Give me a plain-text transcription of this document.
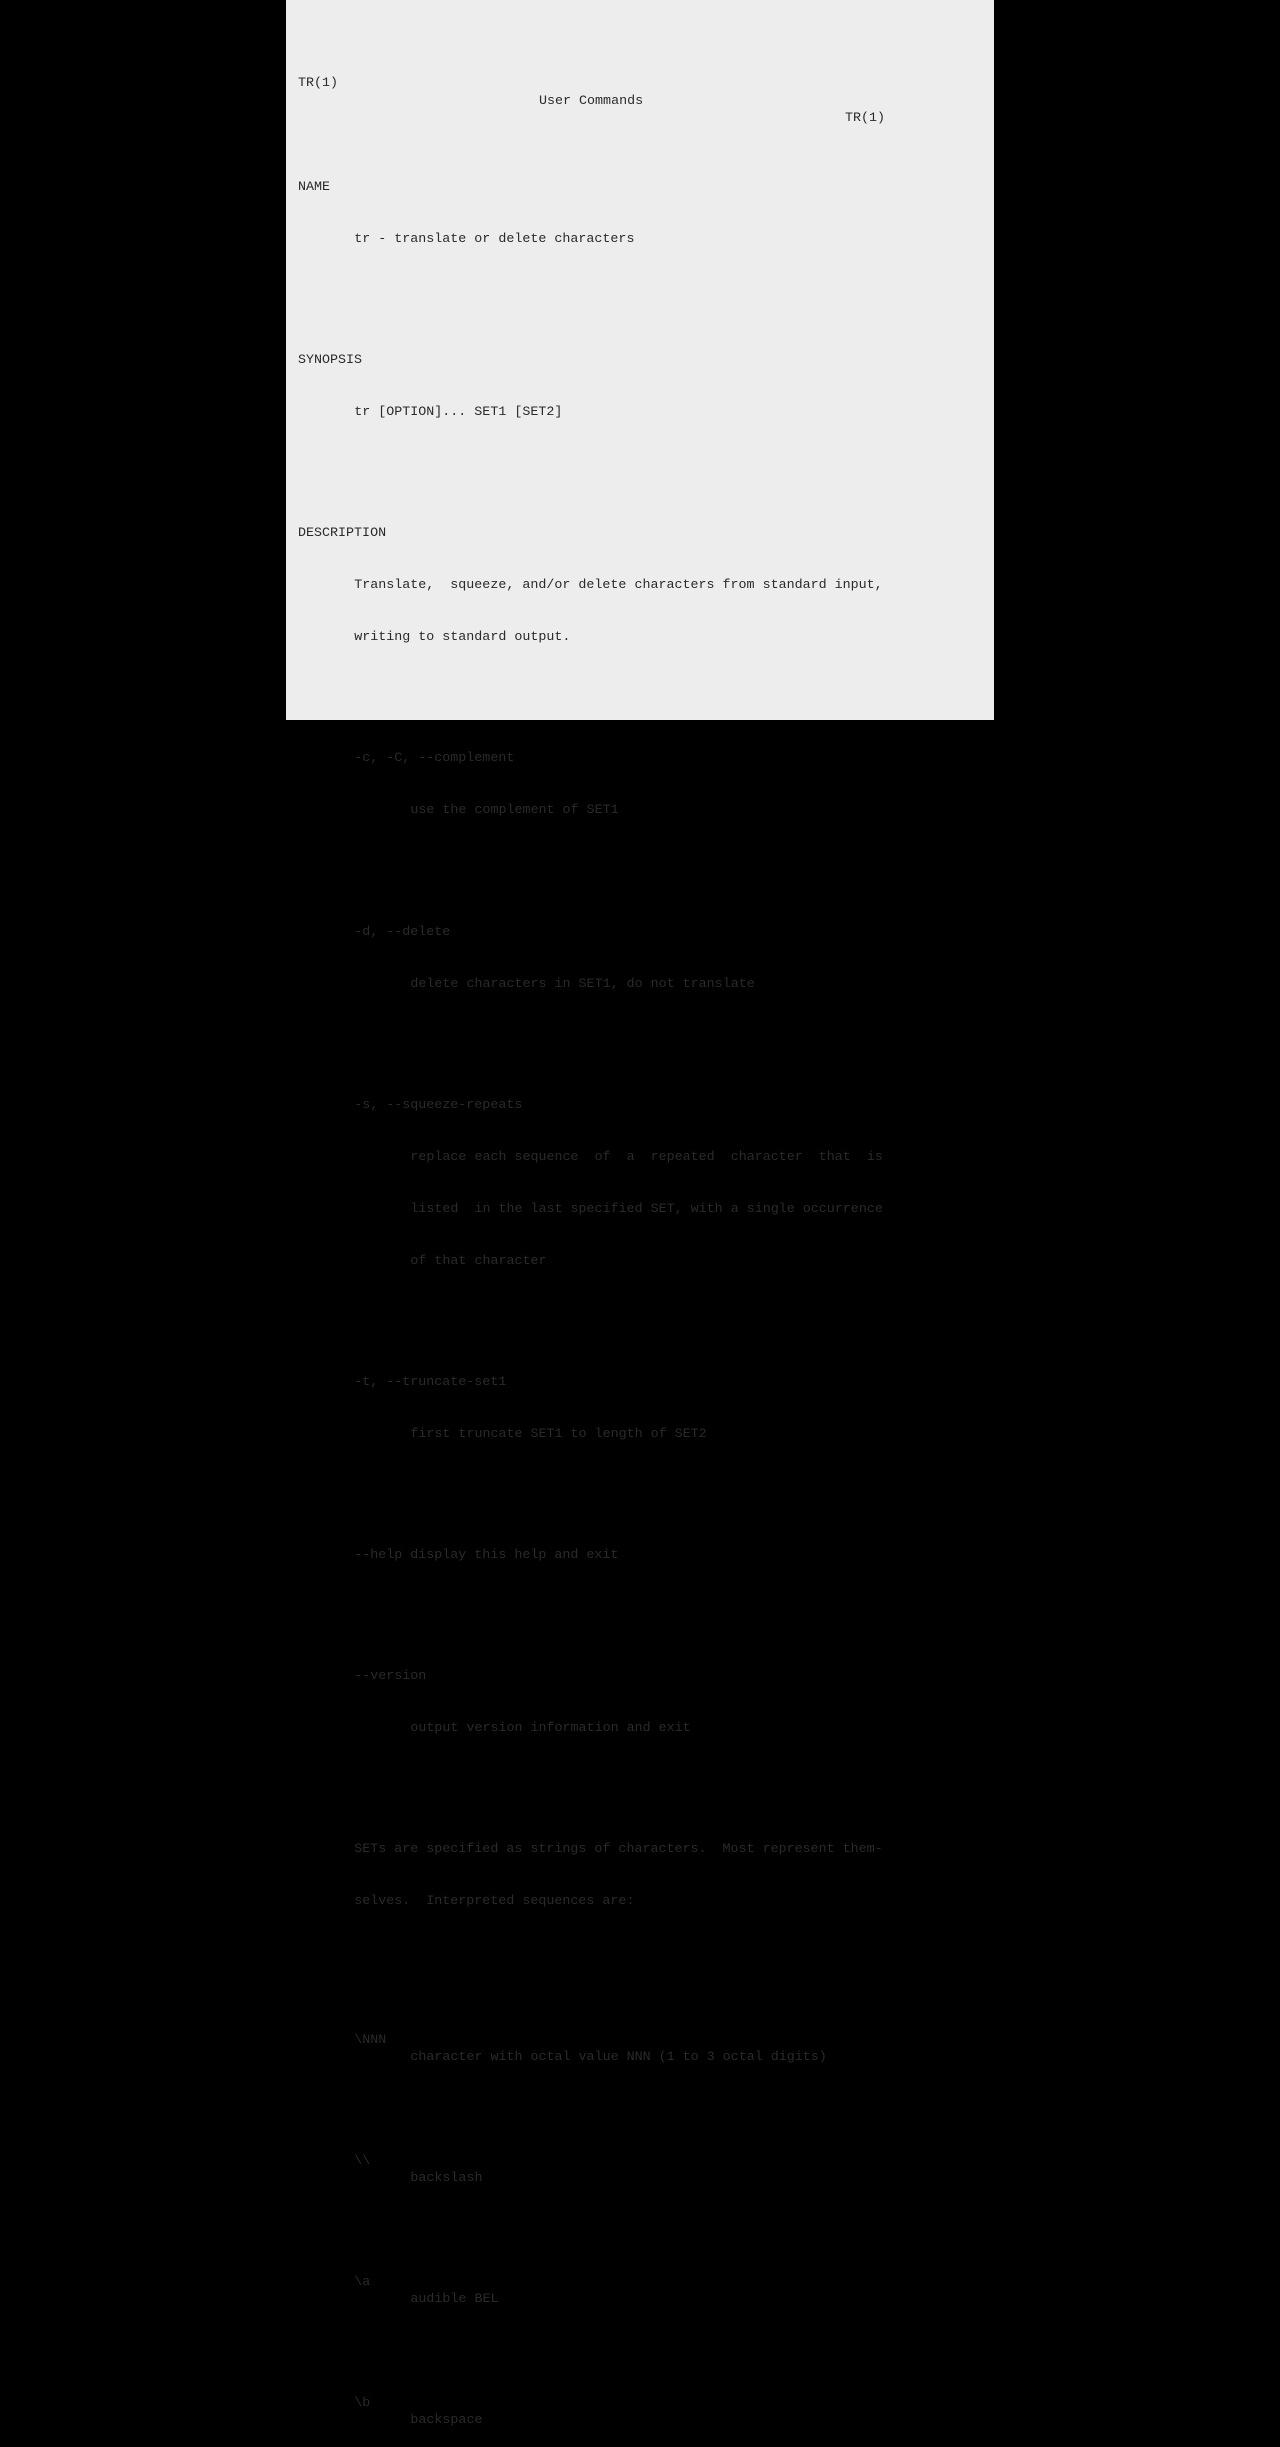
TR(1)

User Commands

TR(1)

NAME

tr - translate or delete characters

SYNOPSIS

tr [OPTION]... SET1 [SET2]

DESCRIPTION

Translate,  squeeze, and/or delete characters from standard input,

writing to standard output.

-c, -C, --complement

use the complement of SET1

-d, --delete

delete characters in SET1, do not translate

-s, --squeeze-repeats

replace each sequence  of  a  repeated  character  that  is

listed  in the last specified SET, with a single occurrence

of that character

-t, --truncate-set1

first truncate SET1 to length of SET2

--help display this help and exit

--version

output version information and exit

SETs are specified as strings of characters.  Most represent them-

selves.  Interpreted sequences are:

\NNN

character with octal value NNN (1 to 3 octal digits)

\\

backslash

\a

audible BEL

\b

backspace
